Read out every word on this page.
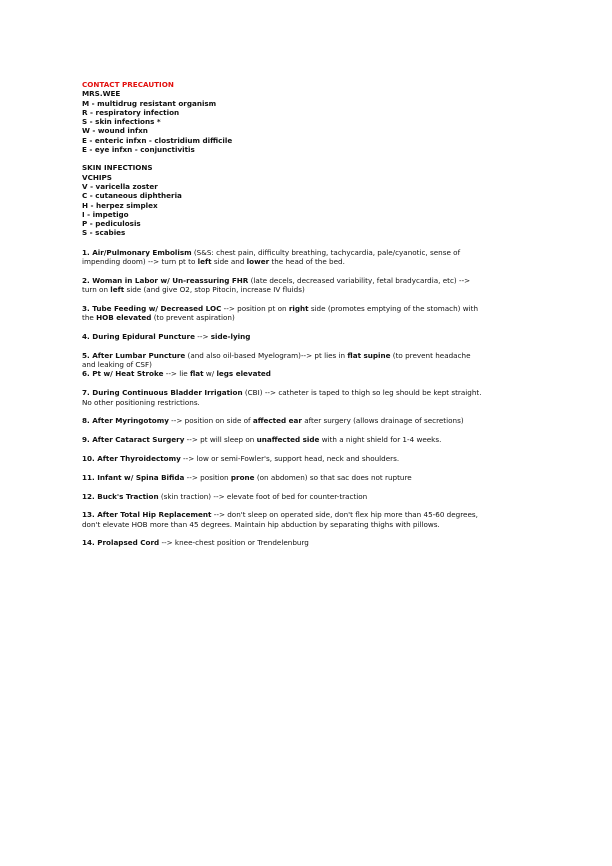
CONTACT PRECAUTION
MRS.WEE
M - multidrug resistant organism
R - respiratory infection
S - skin infections *
W - wound infxn
E - enteric infxn - clostridium difficile
E - eye infxn - conjunctivitis
SKIN INFECTIONS
VCHIPS
V - varicella zoster
C - cutaneous diphtheria
H - herpez simplex
I - impetigo
P - pediculosis
S - scabies
1. Air/Pulmonary Embolism (S&S: chest pain, difficulty breathing, tachycardia, pale/cyanotic, sense of impending doom) --> turn pt to left side and lower the head of the bed.
2. Woman in Labor w/ Un-reassuring FHR (late decels, decreased variability, fetal bradycardia, etc) --> turn on left side (and give O2, stop Pitocin, increase IV fluids)
3. Tube Feeding w/ Decreased LOC --> position pt on right side (promotes emptying of the stomach) with the HOB elevated (to prevent aspiration)
4. During Epidural Puncture --> side-lying
5. After Lumbar Puncture (and also oil-based Myelogram)--> pt lies in flat supine (to prevent headache and leaking of CSF)
6. Pt w/ Heat Stroke --> lie flat w/ legs elevated
7. During Continuous Bladder Irrigation (CBI) --> catheter is taped to thigh so leg should be kept straight. No other positioning restrictions.
8. After Myringotomy --> position on side of affected ear after surgery (allows drainage of secretions)
9. After Cataract Surgery --> pt will sleep on unaffected side with a night shield for 1-4 weeks.
10. After Thyroidectomy --> low or semi-Fowler's, support head, neck and shoulders.
11. Infant w/ Spina Bifida --> position prone (on abdomen) so that sac does not rupture
12. Buck's Traction (skin traction) --> elevate foot of bed for counter-traction
13. After Total Hip Replacement --> don't sleep on operated side, don't flex hip more than 45-60 degrees, don't elevate HOB more than 45 degrees. Maintain hip abduction by separating thighs with pillows.
14. Prolapsed Cord --> knee-chest position or Trendelenburg
